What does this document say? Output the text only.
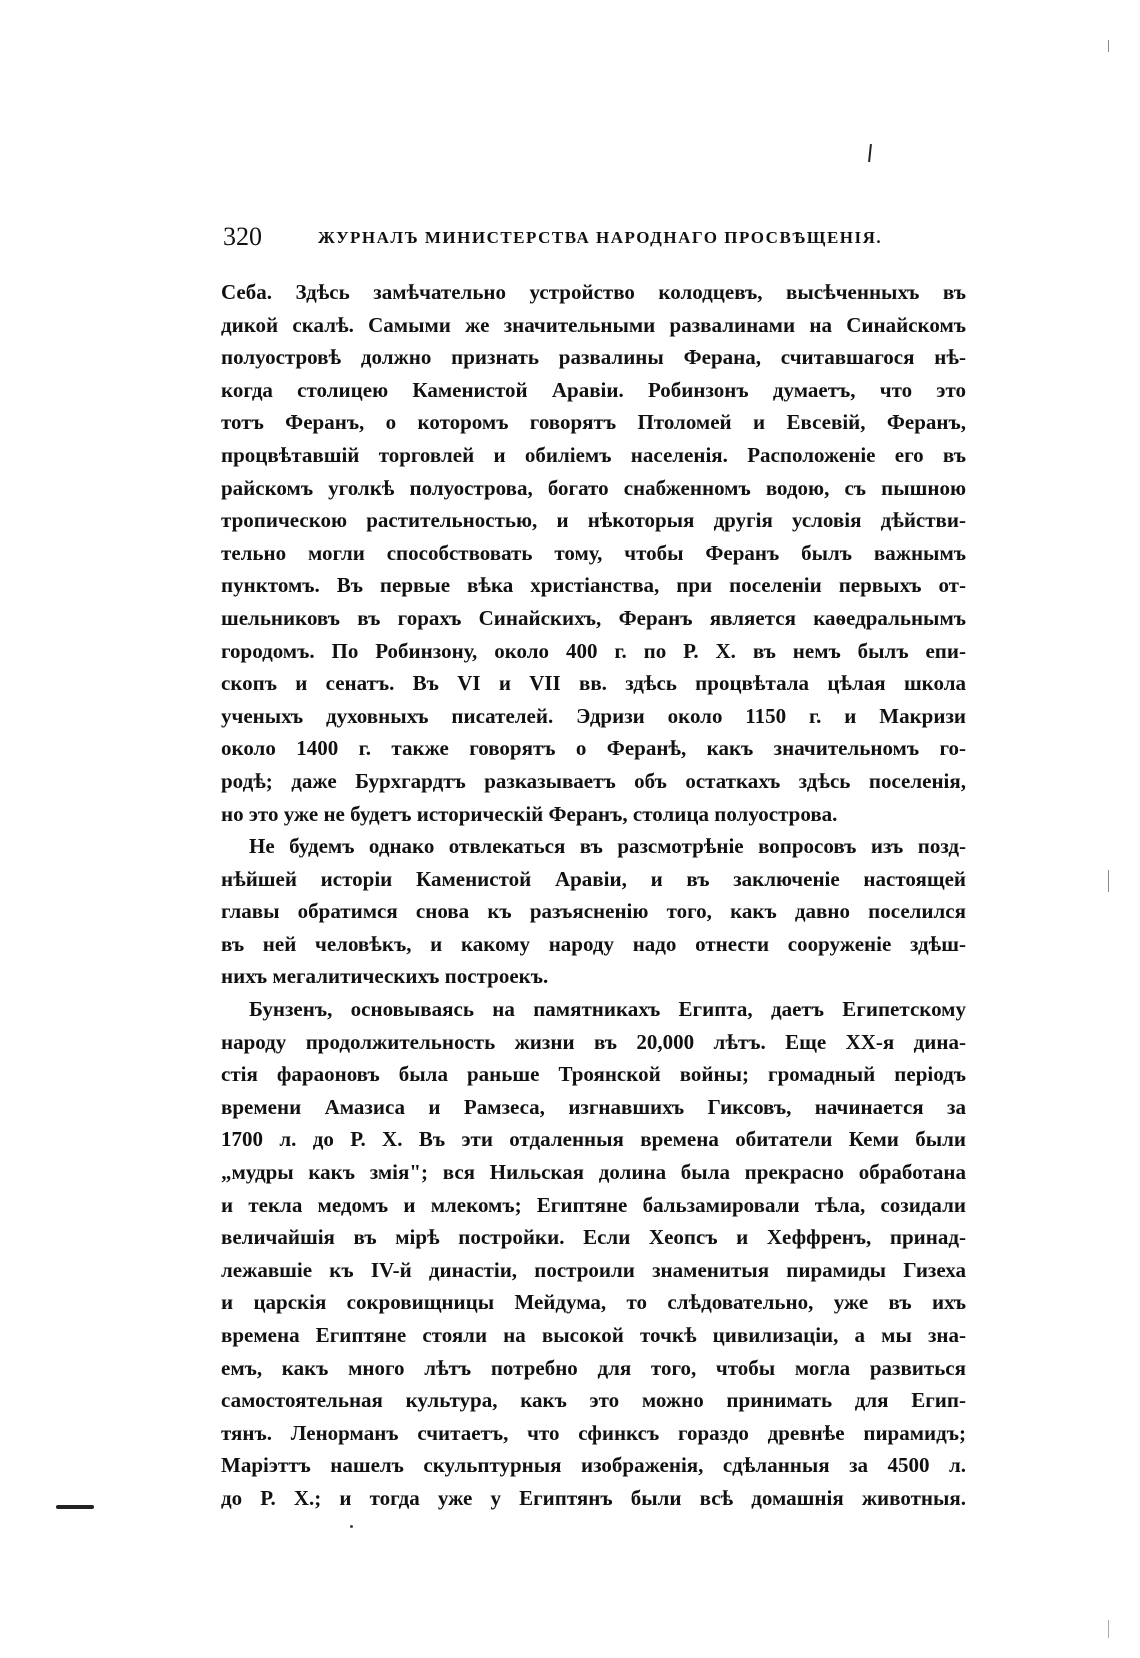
320	ЖУРНАЛЪ МИНИСТЕРСТВА НАРОДНАГО ПРОСВѢЩЕНІЯ.
Себа. Здѣсь замѣчательно устройство колодцевъ, высѣченныхъ въ
дикой скалѣ. Самыми же значительными развалинами на Синайскомъ
полуостровѣ должно признать развалины Ферана, считавшагося нѣ-
когда столицею Каменистой Аравіи. Робинзонъ думаетъ, что это
тотъ Феранъ, о которомъ говорятъ Птоломей и Евсевій, Феранъ,
процвѣтавшій торговлей и обиліемъ населенія. Расположеніе его въ
райскомъ уголкѣ полуострова, богато снабженномъ водою, съ пышною
тропическою растительностью, и нѣкоторыя другія условія дѣйстви-
тельно могли способствовать тому, чтобы Феранъ былъ важнымъ
пунктомъ. Въ первые вѣка христіанства, при поселеніи первыхъ от-
шельниковъ въ горахъ Синайскихъ, Феранъ является каѳедральнымъ
городомъ. По Робинзону, около 400 г. по Р. Х. въ немъ былъ епи-
скопъ и сенатъ. Въ VI и VII вв. здѣсь процвѣтала цѣлая школа
ученыхъ духовныхъ писателей. Эдризи около 1150 г. и Макризи
около 1400 г. также говорятъ о Феранѣ, какъ значительномъ го-
родѣ; даже Бурхгардтъ разказываетъ объ остаткахъ здѣсь поселенія,
но это уже не будетъ историческій Феранъ, столица полуострова.
Не будемъ однако отвлекаться въ разсмотрѣніе вопросовъ изъ позд-
нѣйшей исторіи Каменистой Аравіи, и въ заключеніе настоящей
главы обратимся снова къ разъясненію того, какъ давно поселился
въ ней человѣкъ, и какому народу надо отнести сооруженіе здѣш-
нихъ мегалитическихъ построекъ.
Бунзенъ, основываясь на памятникахъ Египта, даетъ Египетскому
народу продолжительность жизни въ 20,000 лѣтъ. Еще ХХ-я дина-
стія фараоновъ была раньше Троянской войны; громадный періодъ
времени Амазиса и Рамзеса, изгнавшихъ Гиксовъ, начинается за
1700 л. до Р. Х. Въ эти отдаленныя времена обитатели Кеми были
„мудры какъ змія"; вся Нильская долина была прекрасно обработана
и текла медомъ и млекомъ; Египтяне бальзамировали тѣла, созидали
величайшія въ мірѣ постройки. Если Хеопсъ и Хеффренъ, принад-
лежавшіе къ IV-й династіи, построили знаменитыя пирамиды Гизеха
и царскія сокровищницы Мейдума, то слѣдовательно, уже въ ихъ
времена Египтяне стояли на высокой точкѣ цивилизаціи, а мы зна-
емъ, какъ много лѣтъ потребно для того, чтобы могла развиться
самостоятельная культура, какъ это можно принимать для Егип-
тянъ. Ленорманъ считаетъ, что сфинксъ гораздо древнѣе пирамидъ;
Маріэттъ нашелъ скульптурныя изображенія, сдѣланныя за 4500 л.
до Р. Х.; и тогда уже у Египтянъ были всѣ домашнія животныя.
